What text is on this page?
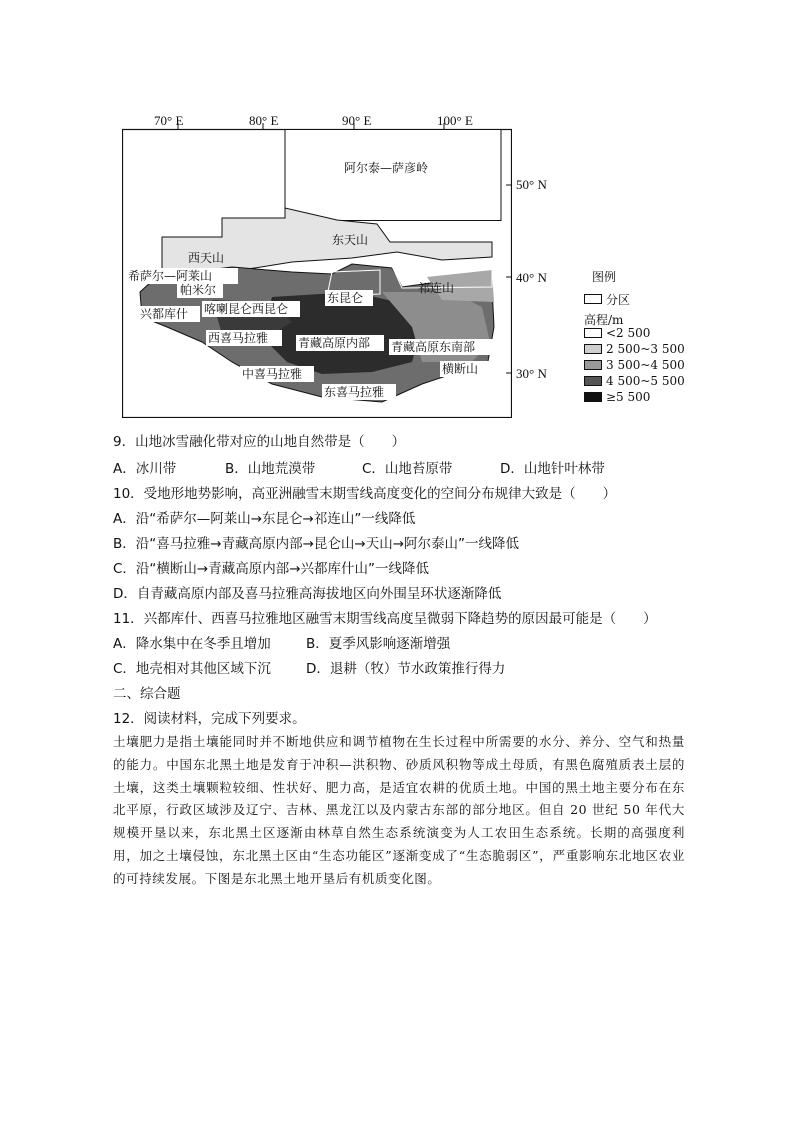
阿尔泰—萨彦岭
东天山
西天山
希萨尔—阿莱山
帕米尔
兴都库什 喀喇昆仑西昆仑
东昆仑
祁连山
西喜马拉雅 青藏高原内部 青藏高原东南部
中喜马拉雅	横断山
东喜马拉雅
70° E	80° E	90° E	100° E
50° N
40° N
30° N
图例
分区
高程/m
<2 500
2 500~3 500
3 500~4 500
4 500~5 500
≥5 500
9．山地冰雪融化带对应的山地自然带是（　　）
A．冰川带	B．山地荒漠带	C．山地苔原带	D．山地针叶林带
10．受地形地势影响，高亚洲融雪末期雪线高度变化的空间分布规律大致是（　　）
A．沿“希萨尔—阿莱山→东昆仑→祁连山”一线降低
B．沿“喜马拉雅→青藏高原内部→昆仑山→天山→阿尔泰山”一线降低
C．沿“横断山→青藏高原内部→兴都库什山”一线降低
D．自青藏高原内部及喜马拉雅高海拔地区向外围呈环状逐渐降低
11．兴都库什、西喜马拉雅地区融雪末期雪线高度呈微弱下降趋势的原因最可能是（　　）
A．降水集中在冬季且增加	B．夏季风影响逐渐增强
C．地壳相对其他区域下沉	D．退耕（牧）节水政策推行得力
二、综合题
12．阅读材料，完成下列要求。
土壤肥力是指土壤能同时并不断地供应和调节植物在生长过程中所需要的水分、养分、空气和热量的能力。中国东北黑土地是发育于冲积—洪积物、砂质风积物等成土母质，有黑色腐殖质表土层的土壤，这类土壤颗粒较细、性状好、肥力高，是适宜农耕的优质土地。中国的黑土地主要分布在东北平原，行政区域涉及辽宁、吉林、黑龙江以及内蒙古东部的部分地区。但自 20 世纪 50 年代大规模开垦以来，东北黑土区逐渐由林草自然生态系统演变为人工农田生态系统。长期的高强度利用，加之土壤侵蚀，东北黑土区由“生态功能区”逐渐变成了“生态脆弱区”，严重影响东北地区农业的可持续发展。下图是东北黑土地开垦后有机质变化图。
